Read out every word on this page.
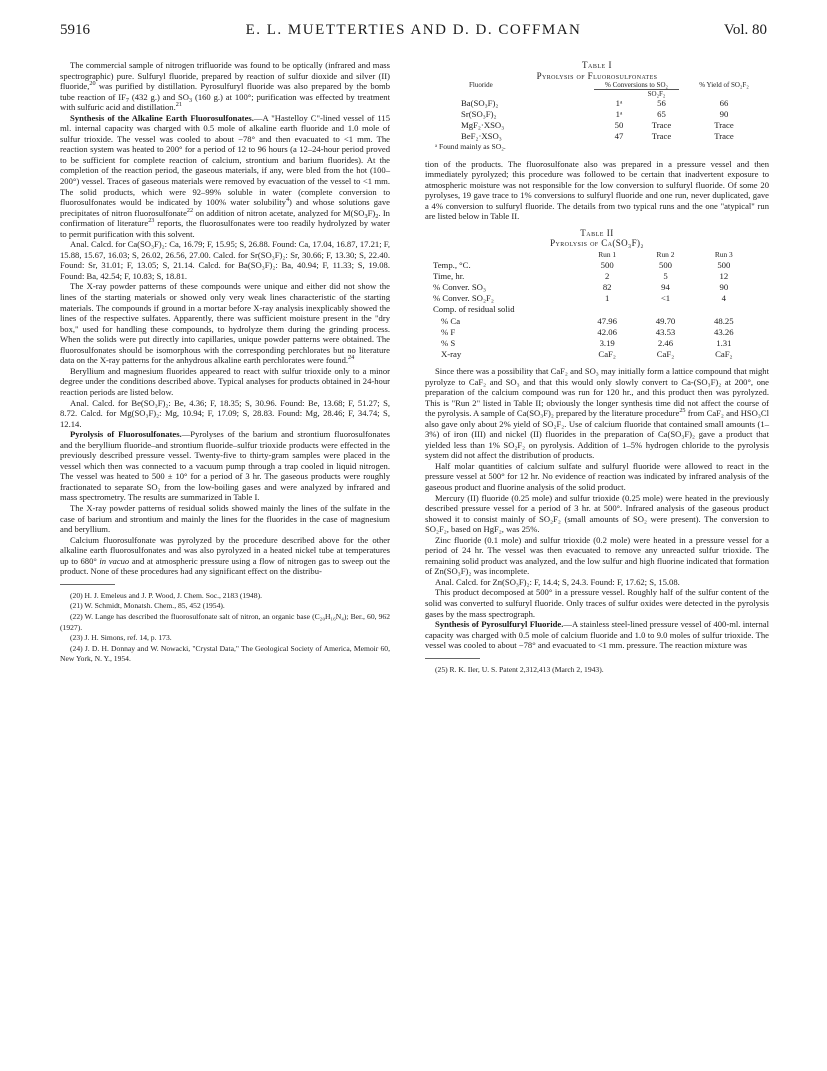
5916	E. L. MUETTERTIES AND D. D. COFFMAN	Vol. 80

The commercial sample of nitrogen trifluoride was found to be optically (infrared and mass spectrographic) pure. Sulfuryl fluoride, prepared by reaction of sulfur dioxide and silver (II) fluoride,$^{20}$ was purified by distillation. Pyrosulfuryl fluoride was also prepared by the bomb tube reaction of $IF_7$ (432 g.) and $SO_3$ (160 g.) at 100°; purification was effected by treatment with sulfuric acid and distillation.$^{21}$

Synthesis of the Alkaline Earth Fluorosulfonates.—A "Hastelloy C"-lined vessel of 115 ml. internal capacity was charged with 0.5 mole of alkaline earth fluoride and 1.0 mole of sulfur trioxide. The vessel was cooled to about −78° and then evacuated to <1 mm. The reaction system was heated to 200° for a period of 12 to 96 hours (a 12–24-hour period proved to be sufficient for complete reaction of calcium, strontium and barium fluorides). At the completion of the reaction period, the gaseous materials, if any, were bled from the hot (100–200°) vessel. Traces of gaseous materials were removed by evacuation of the vessel to <1 mm. The solid products, which were 92–99% soluble in water (complete conversion to fluorosulfonates would be indicated by 100% water solubility$^4$) and whose solutions gave precipitates of nitron fluorosulfonate$^{22}$ on addition of nitron acetate, analyzed for $M(SO_3F)_2$. In confirmation of literature$^{23}$ reports, the fluorosulfonates were too readily hydrolyzed by water to permit purification with this solvent.

Anal. Calcd. for Ca(SO₃F)₂: Ca, 16.79; F, 15.95; S, 26.88. Found: Ca, 17.04, 16.87, 17.21; F, 15.88, 15.67, 16.03; S, 26.02, 26.56, 27.00. Calcd. for Sr(SO₃F)₂: Sr, 30.66; F, 13.30; S, 22.40. Found: Sr, 31.01; F, 13.05; S, 21.14. Calcd. for Ba(SO₃F)₂: Ba, 40.94; F, 11.33; S, 19.08. Found: Ba, 42.54; F, 10.83; S, 18.81.

The X-ray powder patterns of these compounds were unique and either did not show the lines of the starting materials or showed only very weak lines characteristic of the starting materials. The compounds if ground in a mortar before X-ray analysis inexplicably showed the lines of the respective sulfates. Apparently, there was sufficient moisture present in the "dry box," used for handling these compounds, to hydrolyze them during the grinding process. When the solids were put directly into capillaries, unique powder patterns were obtained. The fluorosulfonates should be isomorphous with the corresponding perchlorates but no literature data on the X-ray patterns for the anhydrous alkaline earth perchlorates were found.$^{24}$

Beryllium and magnesium fluorides appeared to react with sulfur trioxide only to a minor degree under the conditions described above. Typical analyses for products obtained in 24-hour reaction periods are listed below.

Anal. Calcd. for Be(SO₃F)₂: Be, 4.36; F, 18.35; S, 30.96. Found: Be, 13.68; F, 51.27; S, 8.72. Calcd. for Mg(SO₃F)₂: Mg, 10.94; F, 17.09; S, 28.83. Found: Mg, 28.46; F, 34.74; S, 12.14.

Pyrolysis of Fluorosulfonates.—Pyrolyses of the barium and strontium fluorosulfonates and the beryllium fluoride–and strontium fluoride–sulfur trioxide products were effected in the previously described pressure vessel. Twenty-five to thirty-gram samples were placed in the vessel which then was connected to a vacuum pump through a trap cooled in liquid nitrogen. The vessel was heated to 500 ± 10° for a period of 3 hr. The gaseous products were roughly fractionated to separate SO₂ from the low-boiling gases and were analyzed by infrared and mass spectrometry. The results are summarized in Table I.

The X-ray powder patterns of residual solids showed mainly the lines of the sulfate in the case of barium and strontium and mainly the lines for the fluorides in the case of magnesium and beryllium.

Calcium fluorosulfonate was pyrolyzed by the procedure described above for the other alkaline earth fluorosulfonates and was also pyrolyzed in a heated nickel tube at temperatures up to 680° in vacuo and at atmospheric pressure using a flow of nitrogen gas to sweep out the product. None of these procedures had any significant effect on the distribu-

(20) H. J. Emeleus and J. P. Wood, J. Chem. Soc., 2183 (1948).

(21) W. Schmidt, Monatsh. Chem., 85, 452 (1954).

(22) W. Lange has described the fluorosulfonate salt of nitron, an organic base (C₂₀H₁₆N₄); Ber., 60, 962 (1927).

(23) J. H. Simons, ref. 14, p. 173.

(24) J. D. H. Donnay and W. Nowacki, "Crystal Data," The Geological Society of America, Memoir 60, New York, N. Y., 1954.

Table I
Pyrolysis of Fluorosulfonates
Fluoride	% Conversions to SO₂		% Yield of SO₂F₂
		SO₂F₂	
Ba(SO₃F)₂	1ᵃ	56	66
Sr(SO₃F)₂	1ᵃ	65	90
MgF₂·XSO₃	50	Trace	Trace
BeF₂·XSO₃	47	Trace	Trace

ᵃ Found mainly as SO₂.

tion of the products. The fluorosulfonate also was prepared in a pressure vessel and then immediately pyrolyzed; this procedure was followed to be certain that inadvertent exposure to atmospheric moisture was not responsible for the low conversion to sulfuryl fluoride. Of some 20 pyrolyses, 19 gave trace to 1% conversions to sulfuryl fluoride and one run, never duplicated, gave a 4% conversion to sulfuryl fluoride. The details from two typical runs and the one "atypical" run are listed below in Table II.

Table II
Pyrolysis of Ca(SO₃F)₂
	Run 1	Run 2	Run 3
Temp., °C.	500	500	500
Time, hr.	2	5	12
% Conver. SO₃	82	94	90
% Conver. SO₂F₂	1	<1	4
Comp. of residual solid			
% Ca	47.96	49.70	48.25
% F	42.06	43.53	43.26
% S	3.19	2.46	1.31
X-ray	CaF₂	CaF₂	CaF₂

Since there was a possibility that CaF₂ and SO₃ may initially form a lattice compound that might pyrolyze to CaF₂ and SO₃ and that this would only slowly convert to Ca-(SO₃F)₂ at 200°, one preparation of the calcium compound was run for 120 hr., and this product then was pyrolyzed. This is "Run 2" listed in Table II; obviously the longer synthesis time did not affect the course of the pyrolysis. A sample of Ca(SO₃F)₂ prepared by the literature procedure$^{25}$ from CaF₂ and HSO₃Cl also gave only about 2% yield of SO₂F₂. Use of calcium fluoride that contained small amounts (1–3%) of iron (III) and nickel (II) fluorides in the preparation of Ca(SO₃F)₂ gave a product that yielded less than 1% SO₂F₂ on pyrolysis. Addition of 1–5% hydrogen chloride to the pyrolysis system did not affect the distribution of products.

Half molar quantities of calcium sulfate and sulfuryl fluoride were allowed to react in the pressure vessel at 500° for 12 hr. No evidence of reaction was indicated by infrared analysis of the gaseous product and fluorine analysis of the solid product.

Mercury (II) fluoride (0.25 mole) and sulfur trioxide (0.25 mole) were heated in the previously described pressure vessel for a period of 3 hr. at 500°. Infrared analysis of the gaseous product showed it to consist mainly of SO₂F₂ (small amounts of SO₂ were present). The conversion to SO₂F₂, based on HgF₂, was 25%.

Zinc fluoride (0.1 mole) and sulfur trioxide (0.2 mole) were heated in a pressure vessel for a period of 24 hr. The vessel was then evacuated to remove any unreacted sulfur trioxide. The remaining solid product was analyzed, and the low sulfur and high fluorine indicated that formation of Zn(SO₃F)₂ was incomplete.

Anal. Calcd. for Zn(SO₃F)₂: F, 14.4; S, 24.3. Found: F, 17.62; S, 15.08.

This product decomposed at 500° in a pressure vessel. Roughly half of the sulfur content of the solid was converted to sulfuryl fluoride. Only traces of sulfur oxides were detected in the pyrolysis gases by the mass spectrograph.

Synthesis of Pyrosulfuryl Fluoride.—A stainless steel-lined pressure vessel of 400-ml. internal capacity was charged with 0.5 mole of calcium fluoride and 1.0 to 9.0 moles of sulfur trioxide. The vessel was cooled to about −78° and evacuated to <1 mm. pressure. The reaction mixture was

(25) R. K. Iler, U. S. Patent 2,312,413 (March 2, 1943).
